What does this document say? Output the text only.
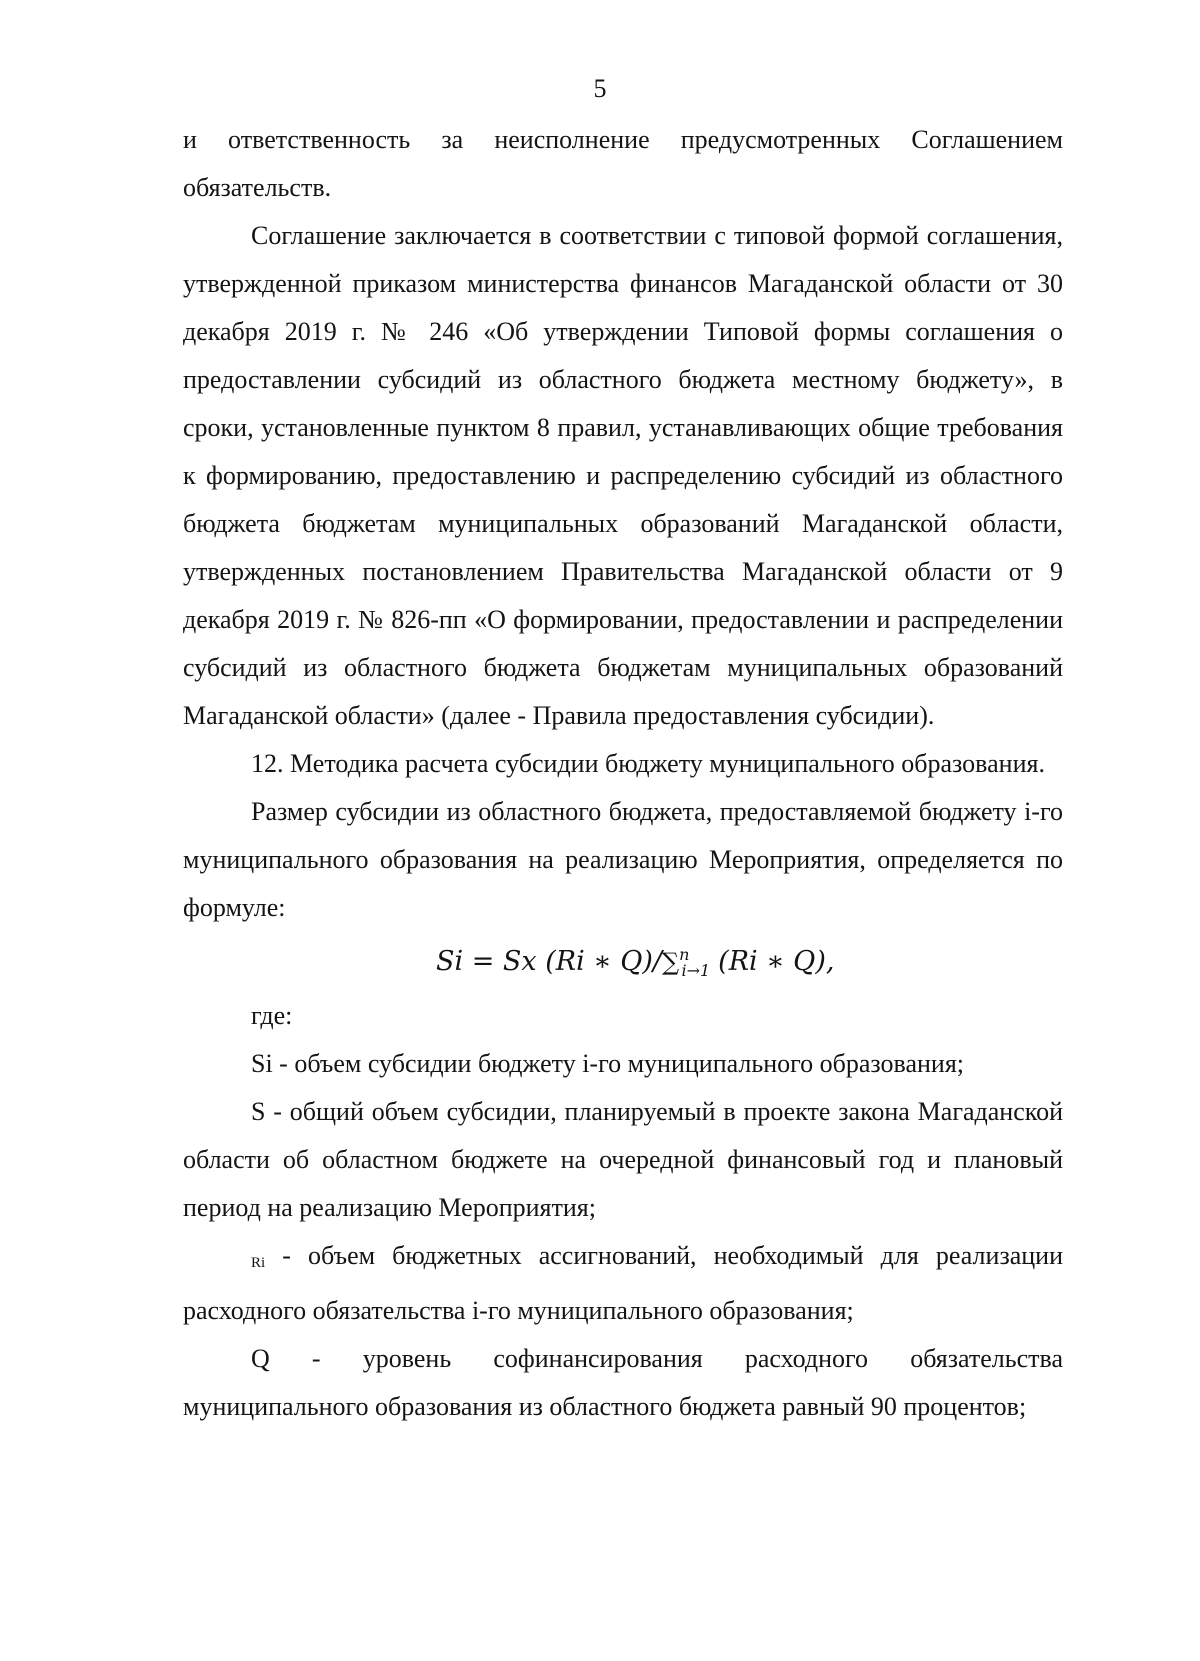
5

и ответственность за неисполнение предусмотренных Соглашением обязательств.

Соглашение заключается в соответствии с типовой формой соглашения, утвержденной приказом министерства финансов Магаданской области от 30 декабря 2019 г. № 246 «Об утверждении Типовой формы соглашения о предоставлении субсидий из областного бюджета местному бюджету», в сроки, установленные пунктом 8 правил, устанавливающих общие требования к формированию, предоставлению и распределению субсидий из областного бюджета бюджетам муниципальных образований Магаданской области, утвержденных постановлением Правительства Магаданской области от 9 декабря 2019 г. № 826-пп «О формировании, предоставлении и распределении субсидий из областного бюджета бюджетам муниципальных образований Магаданской области» (далее - Правила предоставления субсидии).

12. Методика расчета субсидии бюджету муниципального образования.

Размер субсидии из областного бюджета, предоставляемой бюджету i-го муниципального образования на реализацию Мероприятия, определяется по формуле:

Si = Sx (Ri ∗ Q)/∑$^n_{i\to 1}$ (Ri ∗ Q),

где:

Si - объем субсидии бюджету i-го муниципального образования;

S - общий объем субсидии, планируемый в проекте закона Магаданской области об областном бюджете на очередной финансовый год и плановый период на реализацию Мероприятия;

Ri - объем бюджетных ассигнований, необходимый для реализации расходного обязательства i-го муниципального образования;

Q - уровень софинансирования расходного обязательства муниципального образования из областного бюджета равный 90 процентов;
